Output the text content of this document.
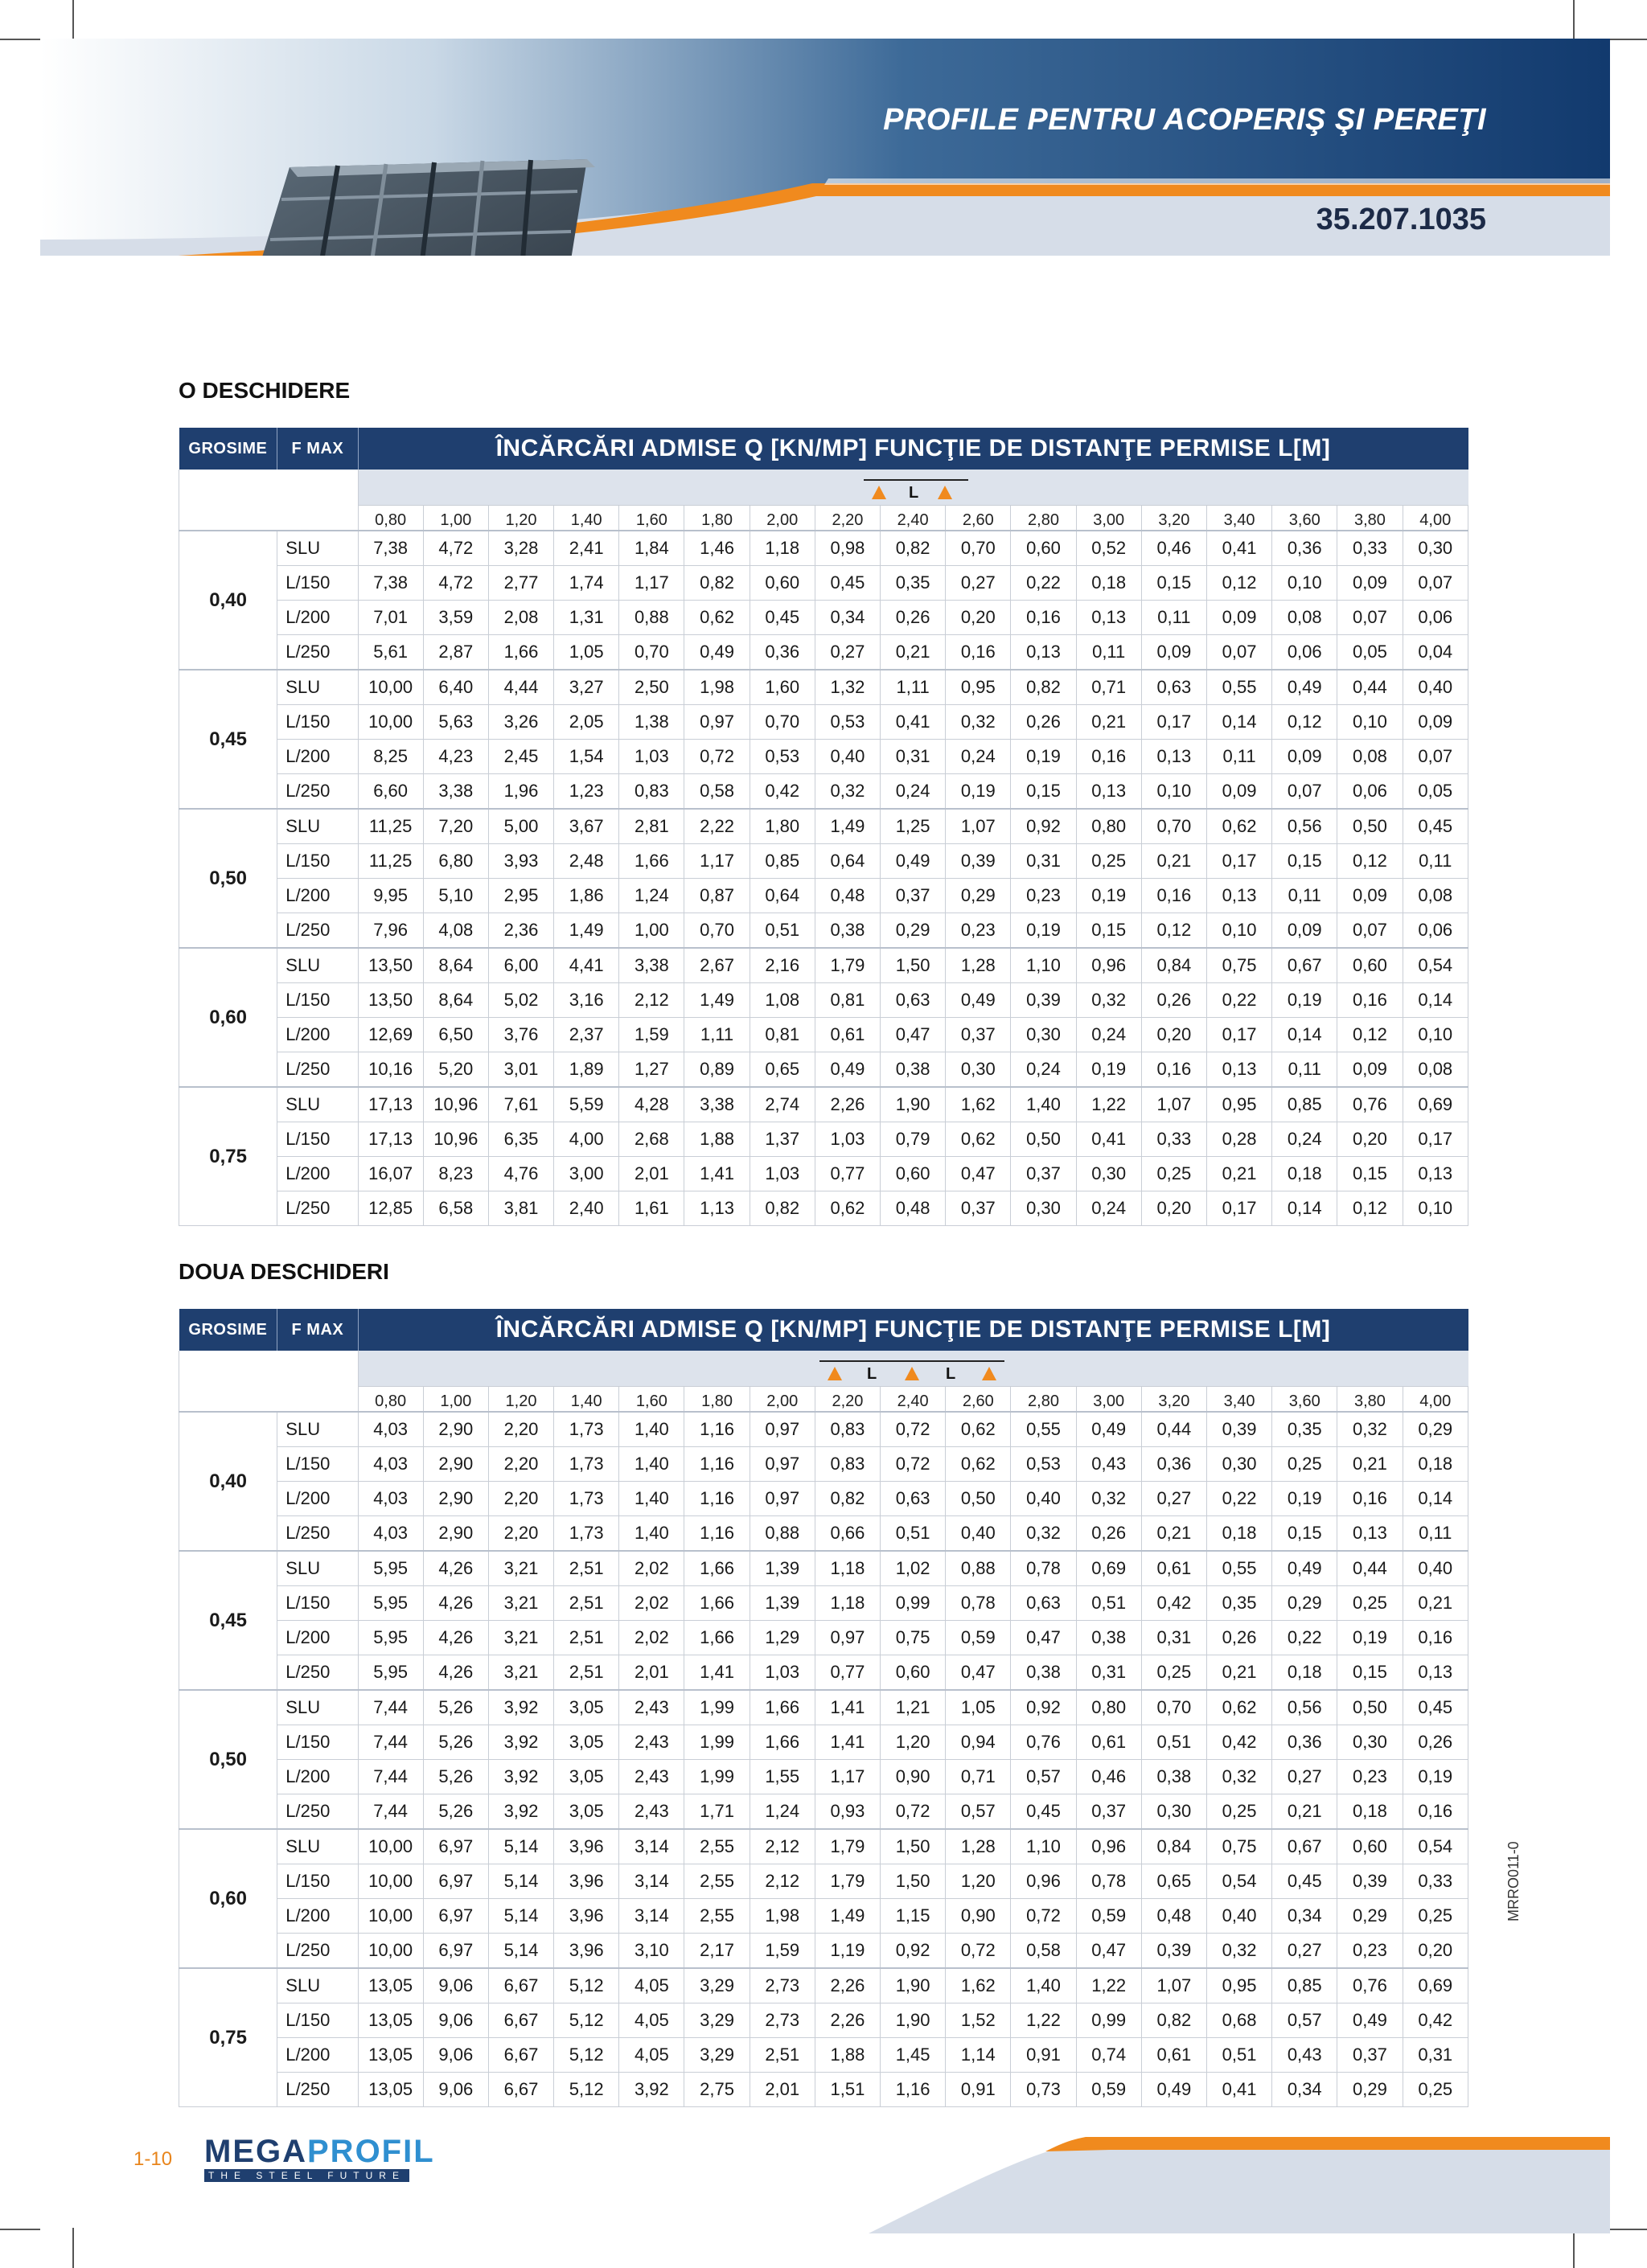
PROFILE PENTRU ACOPERIŞ ŞI PEREŢI
35.207.1035
O DESCHIDERE
GROSIME	F MAX	ÎNCĂRCĂRI ADMISE Q [KN/MP] FUNCŢIE DE DISTANŢE PERMISE L[M]																

		L																

		0,80	1,00	1,20	1,40	1,60	1,80	2,00	2,20	2,40	2,60	2,80	3,00	3,20	3,40	3,60	3,80	4,00
0,40	SLU	7,38	4,72	3,28	2,41	1,84	1,46	1,18	0,98	0,82	0,70	0,60	0,52	0,46	0,41	0,36	0,33	0,30
	L/150	7,38	4,72	2,77	1,74	1,17	0,82	0,60	0,45	0,35	0,27	0,22	0,18	0,15	0,12	0,10	0,09	0,07
	L/200	7,01	3,59	2,08	1,31	0,88	0,62	0,45	0,34	0,26	0,20	0,16	0,13	0,11	0,09	0,08	0,07	0,06
	L/250	5,61	2,87	1,66	1,05	0,70	0,49	0,36	0,27	0,21	0,16	0,13	0,11	0,09	0,07	0,06	0,05	0,04
0,45	SLU	10,00	6,40	4,44	3,27	2,50	1,98	1,60	1,32	1,11	0,95	0,82	0,71	0,63	0,55	0,49	0,44	0,40
	L/150	10,00	5,63	3,26	2,05	1,38	0,97	0,70	0,53	0,41	0,32	0,26	0,21	0,17	0,14	0,12	0,10	0,09
	L/200	8,25	4,23	2,45	1,54	1,03	0,72	0,53	0,40	0,31	0,24	0,19	0,16	0,13	0,11	0,09	0,08	0,07
	L/250	6,60	3,38	1,96	1,23	0,83	0,58	0,42	0,32	0,24	0,19	0,15	0,13	0,10	0,09	0,07	0,06	0,05
0,50	SLU	11,25	7,20	5,00	3,67	2,81	2,22	1,80	1,49	1,25	1,07	0,92	0,80	0,70	0,62	0,56	0,50	0,45
	L/150	11,25	6,80	3,93	2,48	1,66	1,17	0,85	0,64	0,49	0,39	0,31	0,25	0,21	0,17	0,15	0,12	0,11
	L/200	9,95	5,10	2,95	1,86	1,24	0,87	0,64	0,48	0,37	0,29	0,23	0,19	0,16	0,13	0,11	0,09	0,08
	L/250	7,96	4,08	2,36	1,49	1,00	0,70	0,51	0,38	0,29	0,23	0,19	0,15	0,12	0,10	0,09	0,07	0,06
0,60	SLU	13,50	8,64	6,00	4,41	3,38	2,67	2,16	1,79	1,50	1,28	1,10	0,96	0,84	0,75	0,67	0,60	0,54
	L/150	13,50	8,64	5,02	3,16	2,12	1,49	1,08	0,81	0,63	0,49	0,39	0,32	0,26	0,22	0,19	0,16	0,14
	L/200	12,69	6,50	3,76	2,37	1,59	1,11	0,81	0,61	0,47	0,37	0,30	0,24	0,20	0,17	0,14	0,12	0,10
	L/250	10,16	5,20	3,01	1,89	1,27	0,89	0,65	0,49	0,38	0,30	0,24	0,19	0,16	0,13	0,11	0,09	0,08
0,75	SLU	17,13	10,96	7,61	5,59	4,28	3,38	2,74	2,26	1,90	1,62	1,40	1,22	1,07	0,95	0,85	0,76	0,69
	L/150	17,13	10,96	6,35	4,00	2,68	1,88	1,37	1,03	0,79	0,62	0,50	0,41	0,33	0,28	0,24	0,20	0,17
	L/200	16,07	8,23	4,76	3,00	2,01	1,41	1,03	0,77	0,60	0,47	0,37	0,30	0,25	0,21	0,18	0,15	0,13
	L/250	12,85	6,58	3,81	2,40	1,61	1,13	0,82	0,62	0,48	0,37	0,30	0,24	0,20	0,17	0,14	0,12	0,10
DOUA DESCHIDERI
GROSIME	F MAX	ÎNCĂRCĂRI ADMISE Q [KN/MP] FUNCŢIE DE DISTANŢE PERMISE L[M]																

		L L																

		0,80	1,00	1,20	1,40	1,60	1,80	2,00	2,20	2,40	2,60	2,80	3,00	3,20	3,40	3,60	3,80	4,00
0,40	SLU	4,03	2,90	2,20	1,73	1,40	1,16	0,97	0,83	0,72	0,62	0,55	0,49	0,44	0,39	0,35	0,32	0,29
	L/150	4,03	2,90	2,20	1,73	1,40	1,16	0,97	0,83	0,72	0,62	0,53	0,43	0,36	0,30	0,25	0,21	0,18
	L/200	4,03	2,90	2,20	1,73	1,40	1,16	0,97	0,82	0,63	0,50	0,40	0,32	0,27	0,22	0,19	0,16	0,14
	L/250	4,03	2,90	2,20	1,73	1,40	1,16	0,88	0,66	0,51	0,40	0,32	0,26	0,21	0,18	0,15	0,13	0,11
0,45	SLU	5,95	4,26	3,21	2,51	2,02	1,66	1,39	1,18	1,02	0,88	0,78	0,69	0,61	0,55	0,49	0,44	0,40
	L/150	5,95	4,26	3,21	2,51	2,02	1,66	1,39	1,18	0,99	0,78	0,63	0,51	0,42	0,35	0,29	0,25	0,21
	L/200	5,95	4,26	3,21	2,51	2,02	1,66	1,29	0,97	0,75	0,59	0,47	0,38	0,31	0,26	0,22	0,19	0,16
	L/250	5,95	4,26	3,21	2,51	2,01	1,41	1,03	0,77	0,60	0,47	0,38	0,31	0,25	0,21	0,18	0,15	0,13
0,50	SLU	7,44	5,26	3,92	3,05	2,43	1,99	1,66	1,41	1,21	1,05	0,92	0,80	0,70	0,62	0,56	0,50	0,45
	L/150	7,44	5,26	3,92	3,05	2,43	1,99	1,66	1,41	1,20	0,94	0,76	0,61	0,51	0,42	0,36	0,30	0,26
	L/200	7,44	5,26	3,92	3,05	2,43	1,99	1,55	1,17	0,90	0,71	0,57	0,46	0,38	0,32	0,27	0,23	0,19
	L/250	7,44	5,26	3,92	3,05	2,43	1,71	1,24	0,93	0,72	0,57	0,45	0,37	0,30	0,25	0,21	0,18	0,16
0,60	SLU	10,00	6,97	5,14	3,96	3,14	2,55	2,12	1,79	1,50	1,28	1,10	0,96	0,84	0,75	0,67	0,60	0,54
	L/150	10,00	6,97	5,14	3,96	3,14	2,55	2,12	1,79	1,50	1,20	0,96	0,78	0,65	0,54	0,45	0,39	0,33
	L/200	10,00	6,97	5,14	3,96	3,14	2,55	1,98	1,49	1,15	0,90	0,72	0,59	0,48	0,40	0,34	0,29	0,25
	L/250	10,00	6,97	5,14	3,96	3,10	2,17	1,59	1,19	0,92	0,72	0,58	0,47	0,39	0,32	0,27	0,23	0,20
0,75	SLU	13,05	9,06	6,67	5,12	4,05	3,29	2,73	2,26	1,90	1,62	1,40	1,22	1,07	0,95	0,85	0,76	0,69
	L/150	13,05	9,06	6,67	5,12	4,05	3,29	2,73	2,26	1,90	1,52	1,22	0,99	0,82	0,68	0,57	0,49	0,42
	L/200	13,05	9,06	6,67	5,12	4,05	3,29	2,51	1,88	1,45	1,14	0,91	0,74	0,61	0,51	0,43	0,37	0,31
	L/250	13,05	9,06	6,67	5,12	3,92	2,75	2,01	1,51	1,16	0,91	0,73	0,59	0,49	0,41	0,34	0,29	0,25
1-10 MEGAPROFIL
THE STEEL FUTURE
MRRO011-0
